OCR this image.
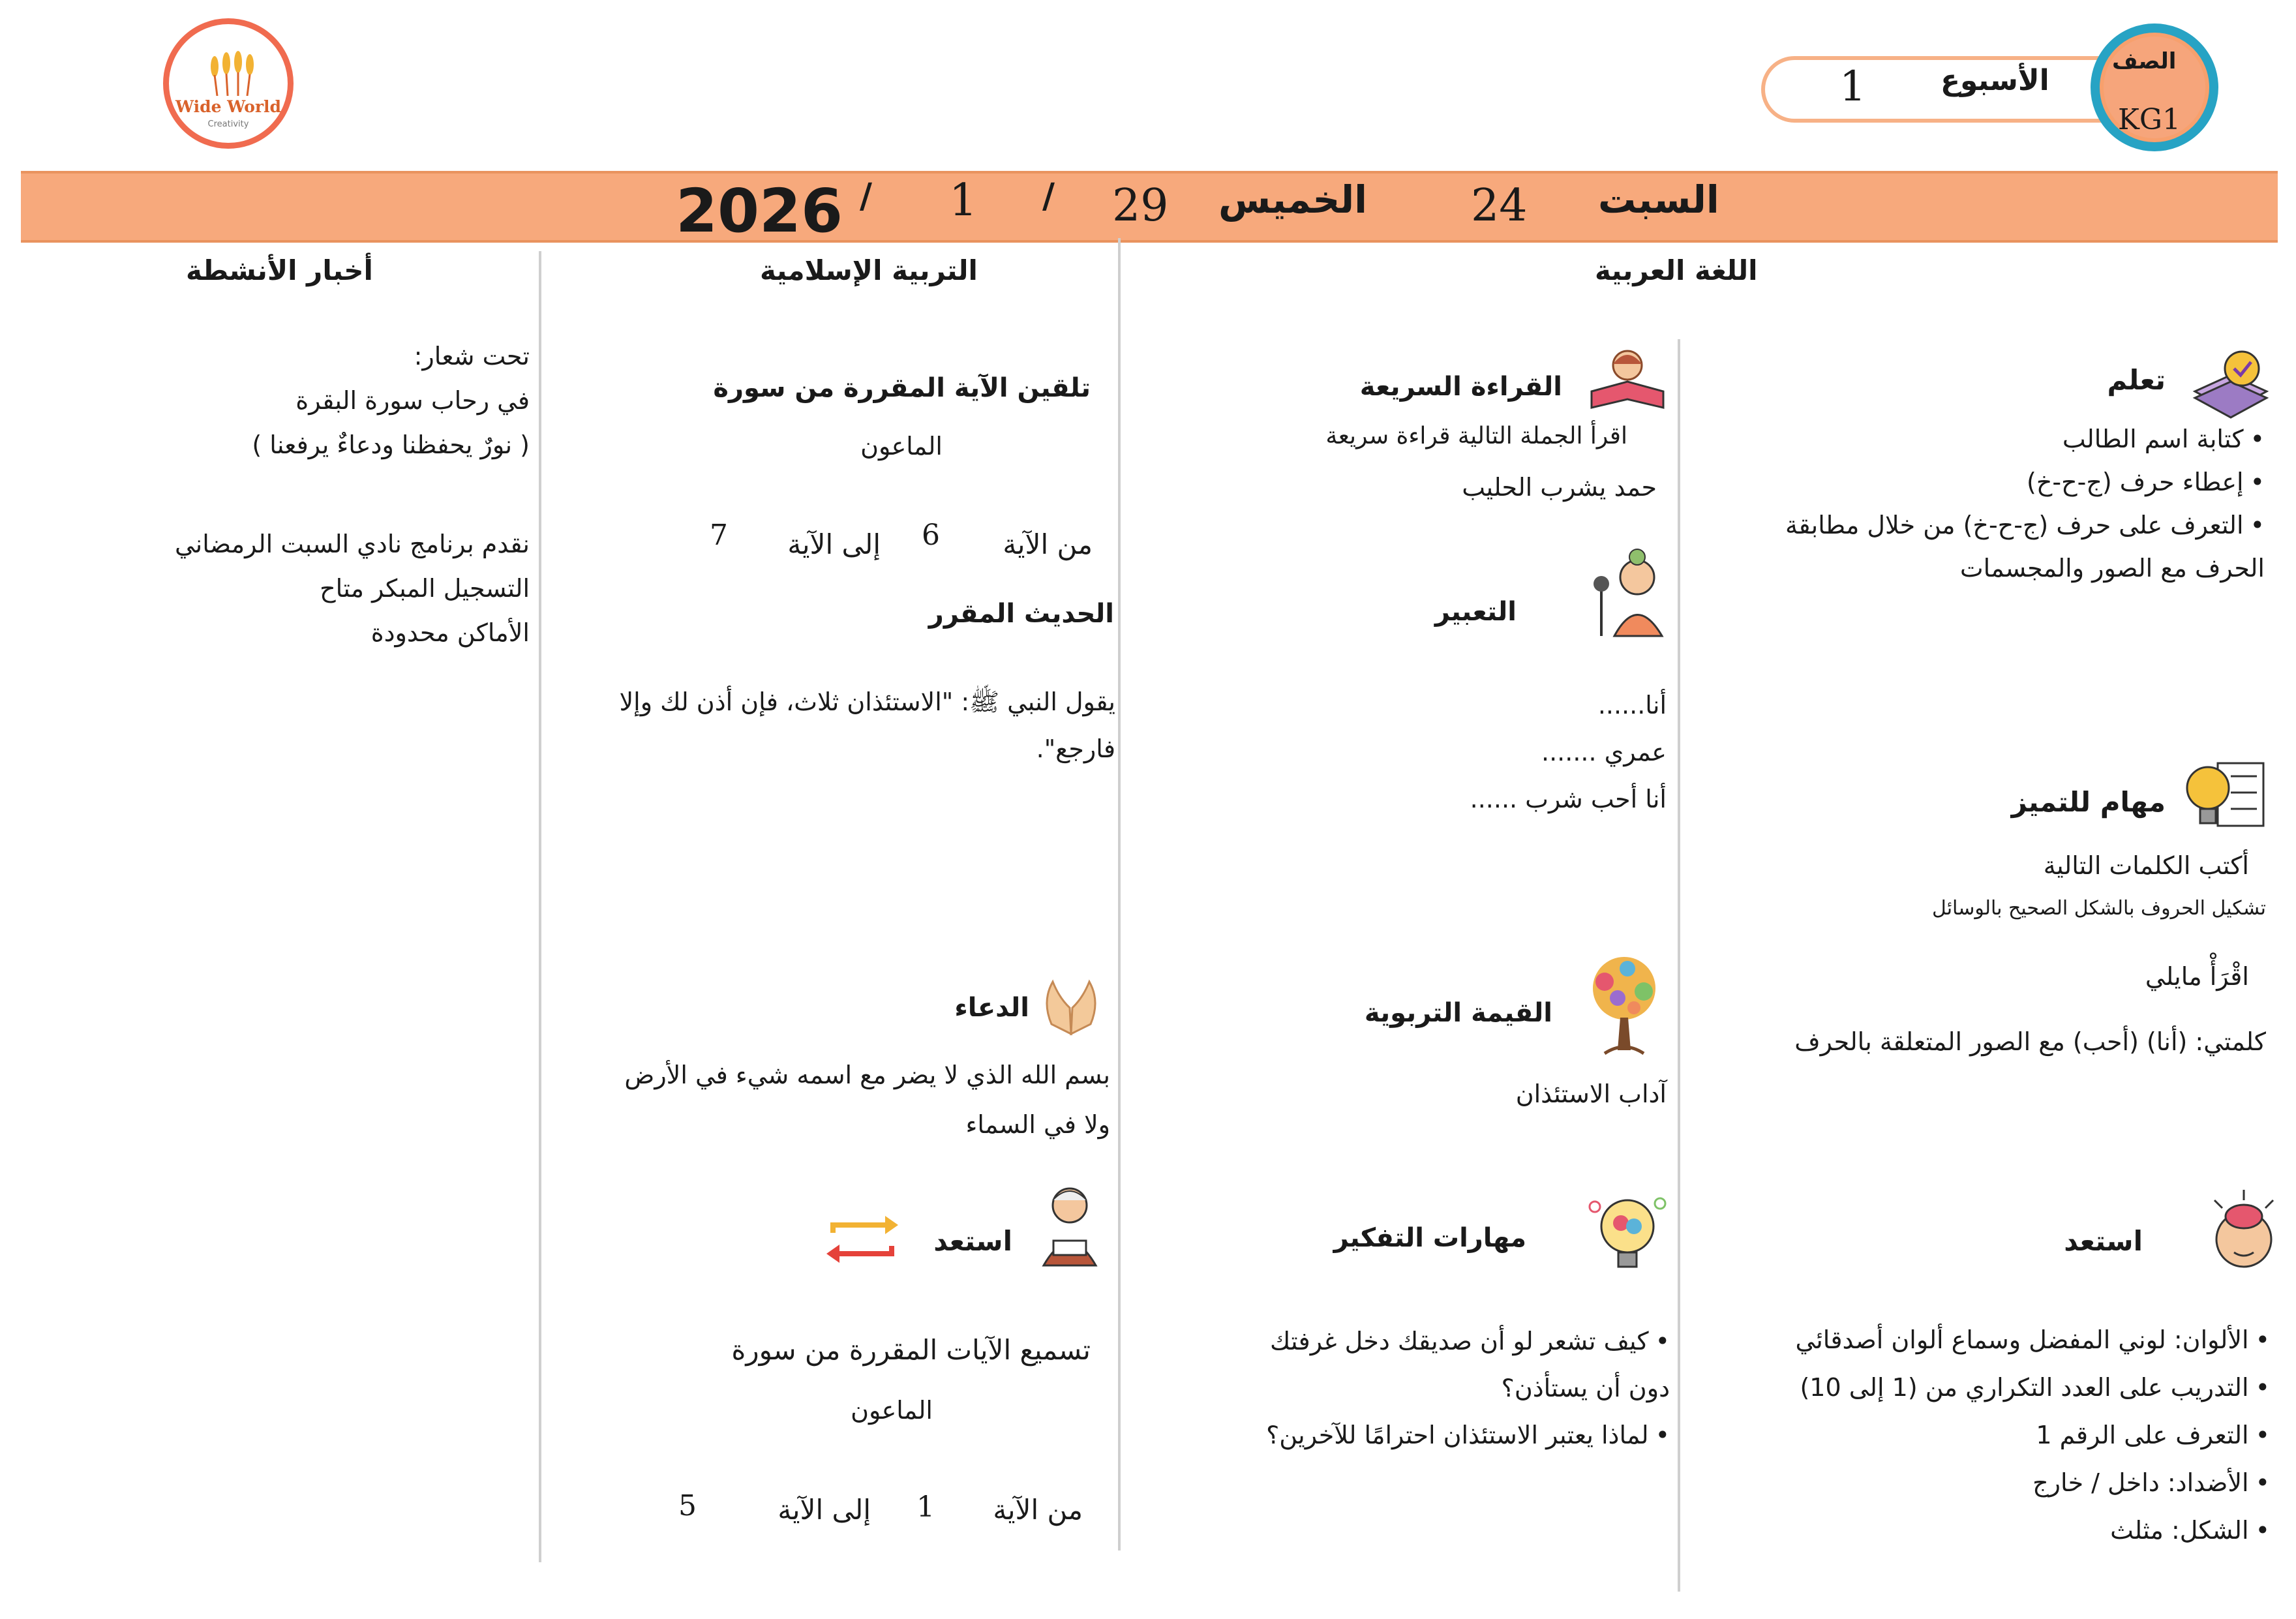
Wide World
Creativity
1	الأسبوع
الصف
KG1
2026 / 1 / 29 الخميس 24 السبت
اللغة العربية
التربية الإسلامية
أخبار الأنشطة
تعلم
• كتابة اسم الطالب
• إعطاء حرف (ج-ح-خ)
• التعرف على حرف (ج-ح-خ) من خلال مطابقة
الحرف مع الصور والمجسمات
مهام للتميز
أكتب الكلمات التالية
تشكيل الحروف بالشكل الصحيح بالوسائل
اقْرَأْ مايلي
كلمتي: (أنا) (أحب) مع الصور المتعلقة بالحرف
استعد
• الألوان: لوني المفضل وسماع ألوان أصدقائي
• التدريب على العدد التكراري من (1 إلى 10)
• التعرف على الرقم 1
• الأضداد: داخل / خارج
• الشكل: مثلث
القراءة السريعة
اقرأ الجملة التالية قراءة سريعة
حمد يشرب الحليب
التعبير
أنا......
عمري .......
أنا أحب شرب ......
القيمة التربوية
آداب الاستئذان
مهارات التفكير
• كيف تشعر لو أن صديقك دخل غرفتك
دون أن يستأذن؟
• لماذا يعتبر الاستئذان احترامًا للآخرين؟
تلقين الآية المقررة من سورة
الماعون
من الآية
6
إلى الآية
7
الحديث المقرر
يقول النبي ﷺ: "الاستئذان ثلاث، فإن أذن لك وإلا
فارجع".
الدعاء
بسم الله الذي لا يضر مع اسمه شيء في الأرض
ولا في السماء
استعد
تسميع الآيات المقررة من سورة
الماعون
من الآية
1
إلى الآية
5
تحت شعار:
في رحاب سورة البقرة
( نورٌ يحفظنا ودعاءٌ يرفعنا )
نقدم برنامج نادي السبت الرمضاني
التسجيل المبكر متاح
الأماكن محدودة
